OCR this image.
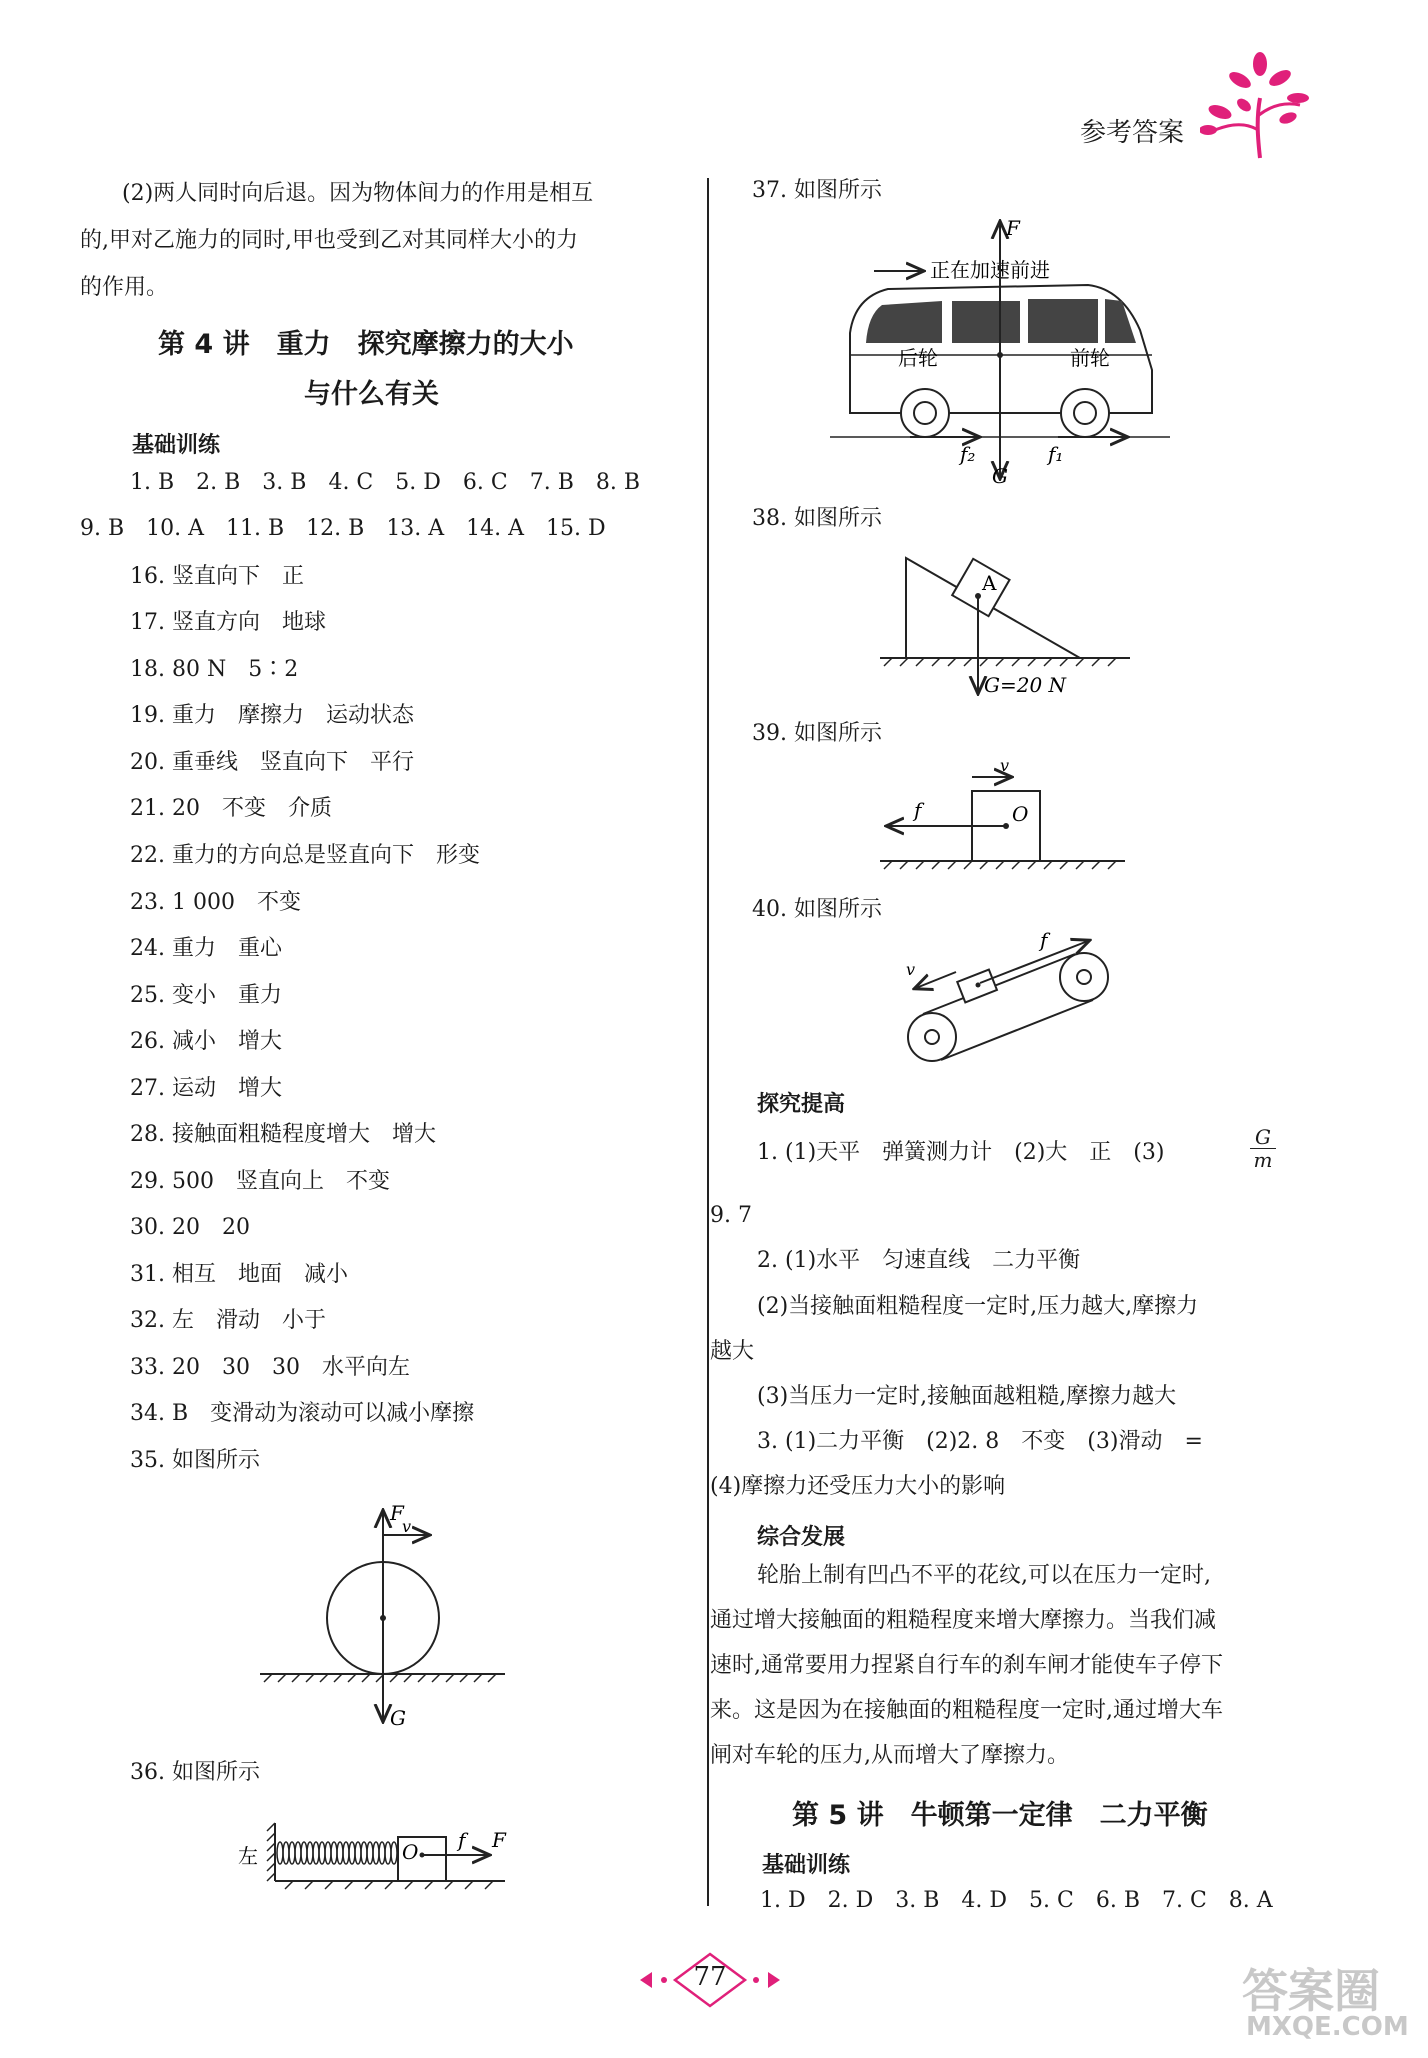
参考答案
(2)两人同时向后退。因为物体间力的作用是相互
的,甲对乙施力的同时,甲也受到乙对其同样大小的力
的作用。
第 4 讲　重力　探究摩擦力的大小
与什么有关
基础训练
1. B　2. B　3. B　4. C　5. D　6. C　7. B　8. B
9. B　10. A　11. B　12. B　13. A　14. A　15. D
16. 竖直向下　正
17. 竖直方向　地球
18. 80 N　5∶2
19. 重力　摩擦力　运动状态
20. 重垂线　竖直向下　平行
21. 20　不变　介质
22. 重力的方向总是竖直向下　形变
23. 1 000　不变
24. 重力　重心
25. 变小　重力
26. 减小　增大
27. 运动　增大
28. 接触面粗糙程度增大　增大
29. 500　竖直向上　不变
30. 20　20
31. 相互　地面　减小
32. 左　滑动　小于
33. 20　30　30　水平向左
34. B　变滑动为滚动可以减小摩擦
35. 如图所示
F
v
G
36. 如图所示
左	O f F
37. 如图所示
正在加速前进
后轮	前轮
F
G
f₂	f₁
38. 如图所示
A
G=20 N
39. 如图所示
v
f	O
40. 如图所示
v
f
探究提高
1. (1)天平　弹簧测力计　(2)大　正　(3)	$\frac{G}{m}$
9. 7
2. (1)水平　匀速直线　二力平衡
(2)当接触面粗糙程度一定时,压力越大,摩擦力
越大
(3)当压力一定时,接触面越粗糙,摩擦力越大
3. (1)二力平衡　(2)2. 8　不变　(3)滑动　=
(4)摩擦力还受压力大小的影响
综合发展
轮胎上制有凹凸不平的花纹,可以在压力一定时,
通过增大接触面的粗糙程度来增大摩擦力。当我们减
速时,通常要用力捏紧自行车的刹车闸才能使车子停下
来。这是因为在接触面的粗糙程度一定时,通过增大车
闸对车轮的压力,从而增大了摩擦力。
第 5 讲　牛顿第一定律　二力平衡
基础训练
1. D　2. D　3. B　4. D　5. C　6. B　7. C　8. A
77	答案圈
MXQE.COM
